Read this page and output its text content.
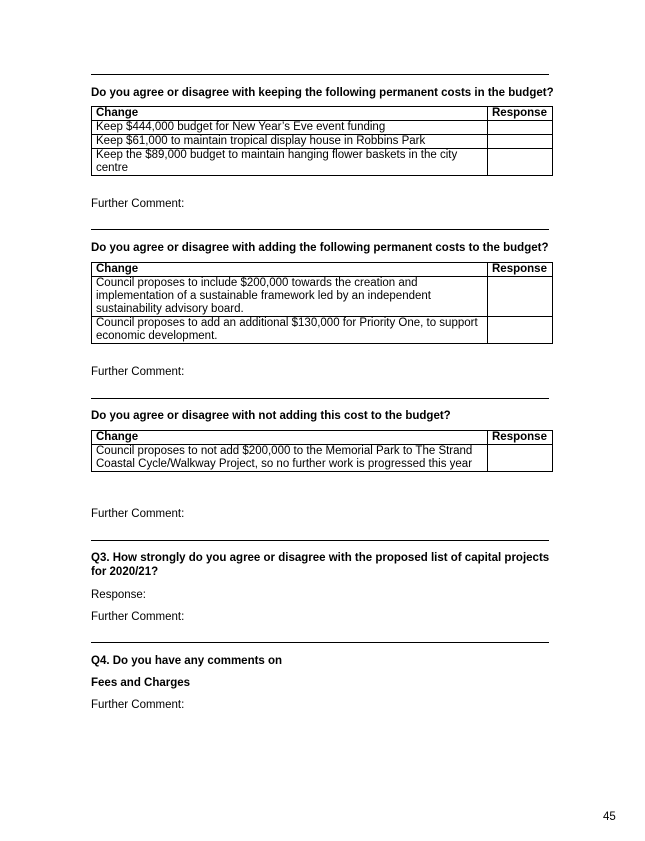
Do you agree or disagree with keeping the following permanent costs in the budget?
Change	Response
Keep $444,000 budget for New Year’s Eve event funding	
Keep $61,000 to maintain tropical display house in Robbins Park	
Keep the $89,000 budget to maintain hanging flower baskets in the city centre	
Further Comment:
Do you agree or disagree with adding the following permanent costs to the budget?
Change	Response
Council proposes to include $200,000 towards the creation and implementation of a sustainable framework led by an independent sustainability advisory board.	
Council proposes to add an additional $130,000 for Priority One, to support economic development.	
Further Comment:
Do you agree or disagree with not adding this cost to the budget?
Change	Response
Council proposes to not add $200,000 to the Memorial Park to The Strand Coastal Cycle/Walkway Project, so no further work is progressed this year	
Further Comment:
Q3. How strongly do you agree or disagree with the proposed list of capital projects for 2020/21?
Response:
Further Comment:
Q4. Do you have any comments on
Fees and Charges
Further Comment:
45
